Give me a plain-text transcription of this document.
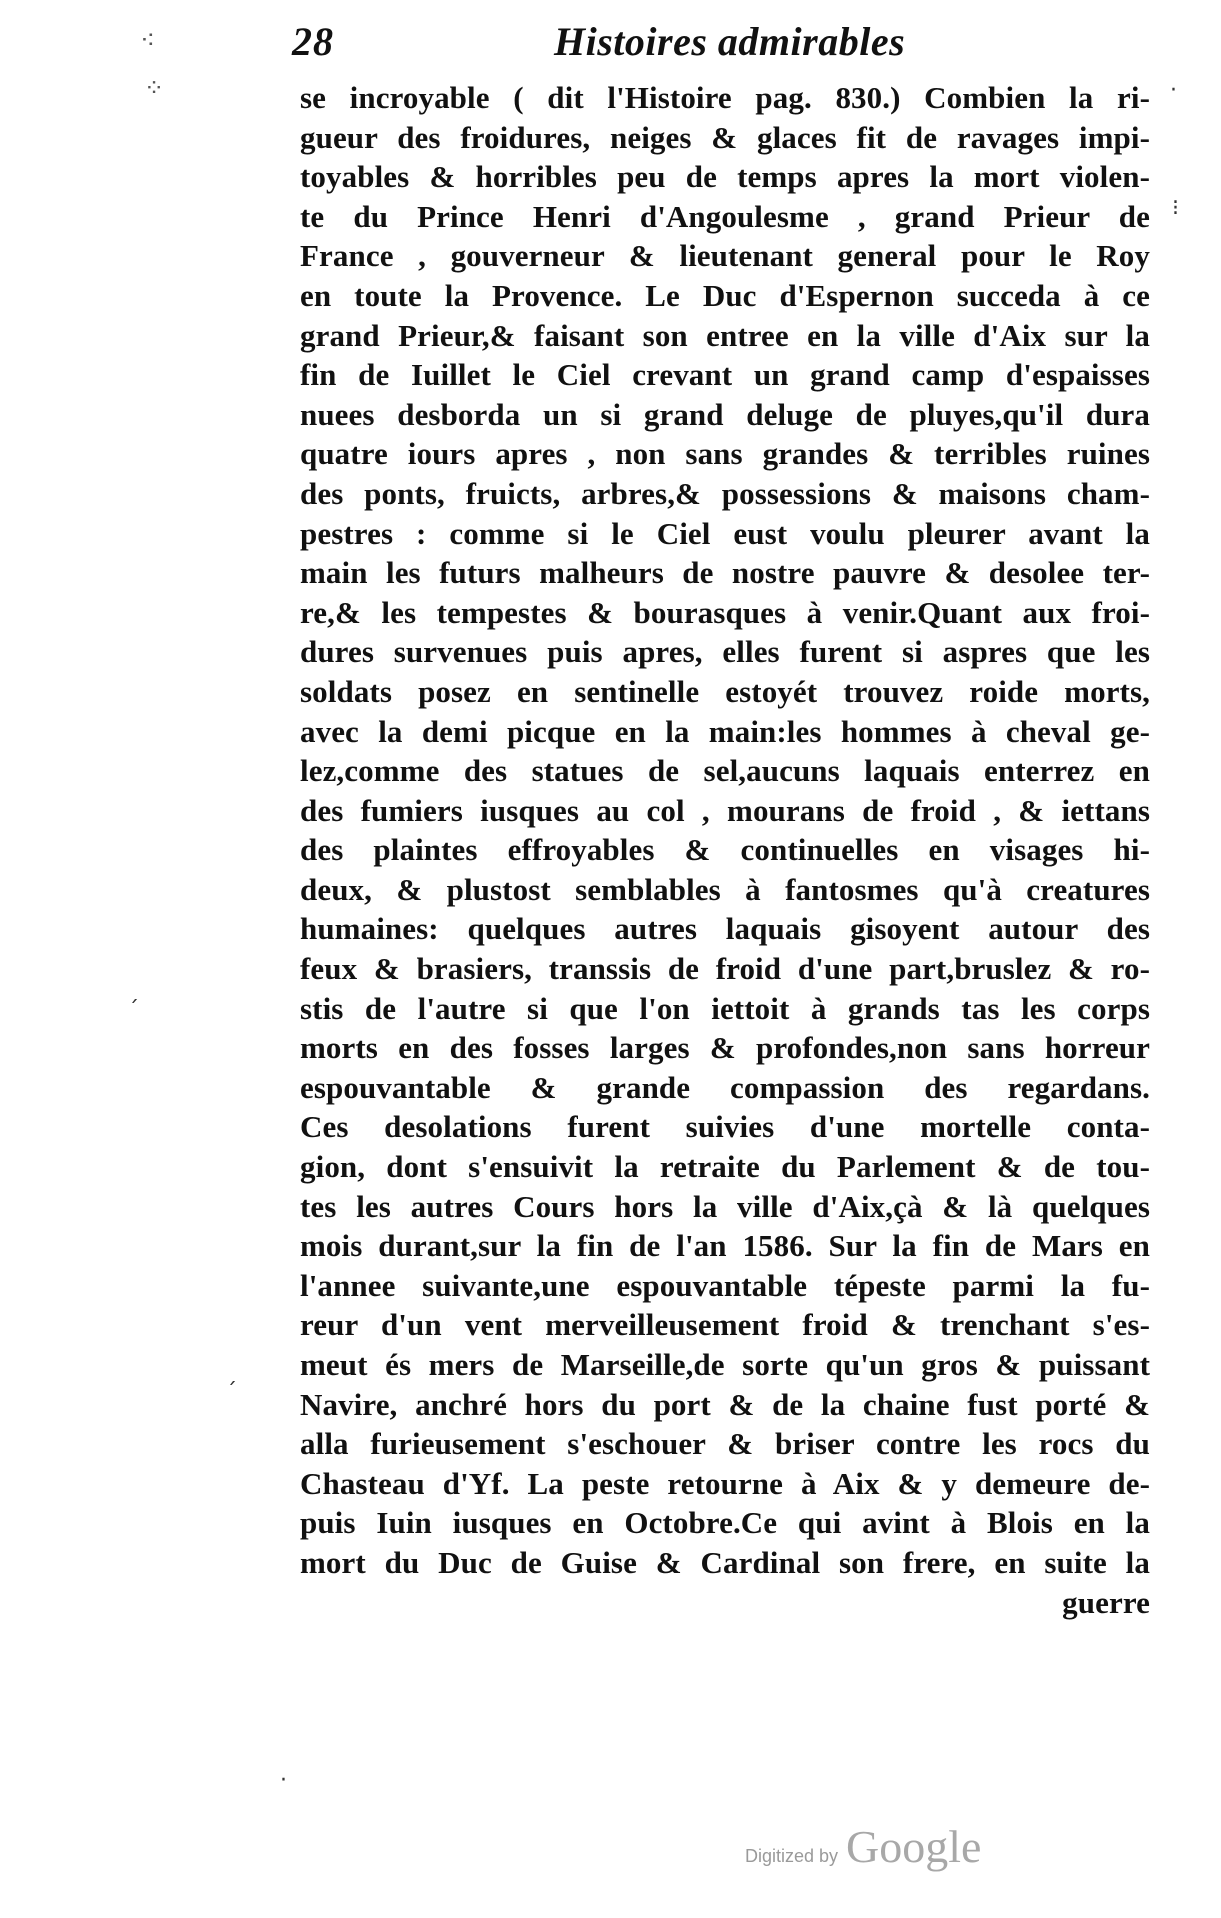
28	Histoires admirables
⁖
⁘	·
⁝
ˊ
ˊ
·
se incroyable ( dit l'Histoire pag. 830.) Combien la ri-
gueur des froidures, neiges & glaces fit de ravages impi-
toyables & horribles peu de temps apres la mort violen-
te du Prince Henri d'Angoulesme , grand Prieur de
France , gouverneur & lieutenant general pour le Roy
en toute la Provence. Le Duc d'Espernon succeda à ce
grand Prieur,& faisant son entree en la ville d'Aix sur la
fin de Iuillet le Ciel crevant un grand camp d'espaisses
nuees desborda un si grand deluge de pluyes,qu'il dura
quatre iours apres , non sans grandes & terribles ruines
des ponts, fruicts, arbres,& possessions & maisons cham-
pestres : comme si le Ciel eust voulu pleurer avant la
main les futurs malheurs de nostre pauvre & desolee ter-
re,& les tempestes & bourasques à venir.Quant aux froi-
dures survenues puis apres, elles furent si aspres que les
soldats posez en sentinelle estoyét trouvez roide morts,
avec la demi picque en la main:les hommes à cheval ge-
lez,comme des statues de sel,aucuns laquais enterrez en
des fumiers iusques au col , mourans de froid , & iettans
des plaintes effroyables & continuelles en visages hi-
deux, & plustost semblables à fantosmes qu'à creatures
humaines: quelques autres laquais gisoyent autour des
feux & brasiers, transsis de froid d'une part,bruslez & ro-
stis de l'autre si que l'on iettoit à grands tas les corps
morts en des fosses larges & profondes,non sans horreur
espouvantable & grande compassion des regardans.
Ces desolations furent suivies d'une mortelle conta-
gion, dont s'ensuivit la retraite du Parlement & de tou-
tes les autres Cours hors la ville d'Aix,çà & là quelques
mois durant,sur la fin de l'an 1586. Sur la fin de Mars en
l'annee suivante,une espouvantable tépeste parmi la fu-
reur d'un vent merveilleusement froid & trenchant s'es-
meut és mers de Marseille,de sorte qu'un gros & puissant
Navire, anchré hors du port & de la chaine fust porté &
alla furieusement s'eschouer & briser contre les rocs du
Chasteau d'Yf. La peste retourne à Aix & y demeure de-
puis Iuin iusques en Octobre.Ce qui avint à Blois en la
mort du Duc de Guise & Cardinal son frere, en suite la
guerre
Digitized by Google
